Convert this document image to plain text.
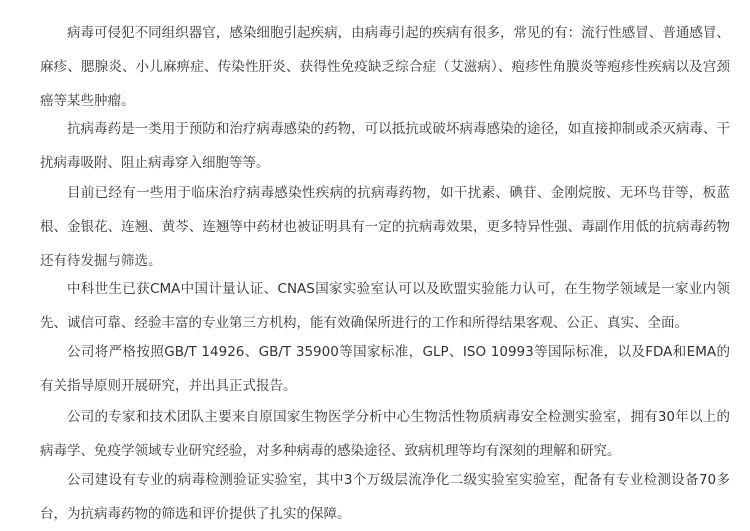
病毒可侵犯不同组织器官，感染细胞引起疾病，由病毒引起的疾病有很多，常见的有：流行性感冒、普通感冒、麻疹、腮腺炎、小儿麻痹症、传染性肝炎、获得性免疫缺乏综合症（艾滋病）、疱疹性角膜炎等疱疹性疾病以及宫颈癌等某些肿瘤。

抗病毒药是一类用于预防和治疗病毒感染的药物，可以抵抗或破坏病毒感染的途径，如直接抑制或杀灭病毒、干扰病毒吸附、阻止病毒穿入细胞等等。

目前已经有一些用于临床治疗病毒感染性疾病的抗病毒药物，如干扰素、碘苷、金刚烷胺、无环鸟苷等，板蓝根、金银花、连翘、黄芩、连翘等中药材也被证明具有一定的抗病毒效果，更多特异性强、毒副作用低的抗病毒药物还有待发掘与筛选。

中科世生已获CMA中国计量认证、CNAS国家实验室认可以及欧盟实验能力认可，在生物学领域是一家业内领先、诚信可靠、经验丰富的专业第三方机构，能有效确保所进行的工作和所得结果客观、公正、真实、全面。

公司将严格按照GB/T 14926、GB/T 35900等国家标准，GLP、ISO 10993等国际标准，以及FDA和EMA的有关指导原则开展研究，并出具正式报告。

公司的专家和技术团队主要来自原国家生物医学分析中心生物活性物质病毒安全检测实验室，拥有30年以上的病毒学、免疫学领域专业研究经验，对多种病毒的感染途径、致病机理等均有深刻的理解和研究。

公司建设有专业的病毒检测验证实验室，其中3个万级层流净化二级实验室实验室，配备有专业检测设备70多台，为抗病毒药物的筛选和评价提供了扎实的保障。
